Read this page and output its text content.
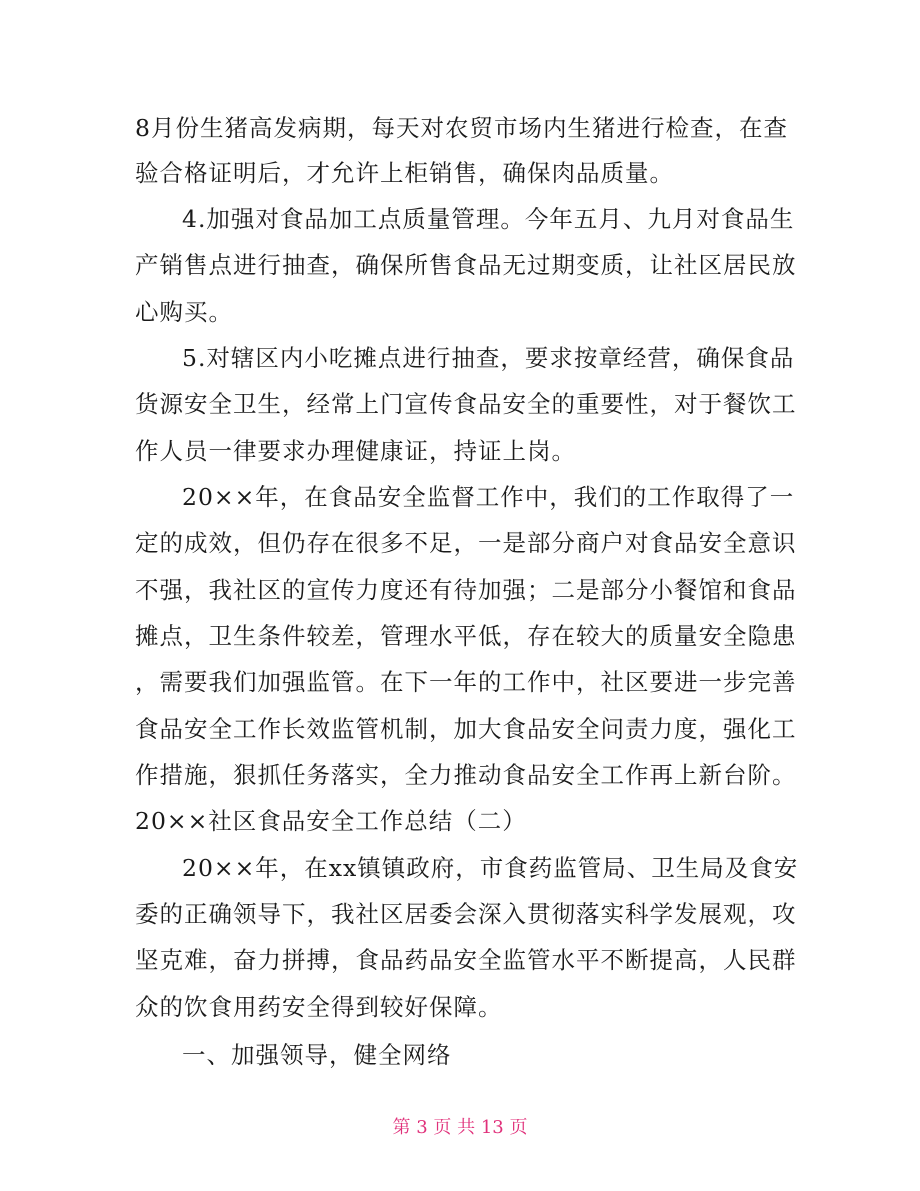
8月份生猪高发病期，每天对农贸市场内生猪进行检查，在查
验合格证明后，才允许上柜销售，确保肉品质量。
4.加强对食品加工点质量管理。今年五月、九月对食品生
产销售点进行抽查，确保所售食品无过期变质，让社区居民放
心购买。
5.对辖区内小吃摊点进行抽查，要求按章经营，确保食品
货源安全卫生，经常上门宣传食品安全的重要性，对于餐饮工
作人员一律要求办理健康证，持证上岗。
20××年，在食品安全监督工作中，我们的工作取得了一
定的成效，但仍存在很多不足，一是部分商户对食品安全意识
不强，我社区的宣传力度还有待加强；二是部分小餐馆和食品
摊点，卫生条件较差，管理水平低，存在较大的质量安全隐患
，需要我们加强监管。在下一年的工作中，社区要进一步完善
食品安全工作长效监管机制，加大食品安全问责力度，强化工
作措施，狠抓任务落实，全力推动食品安全工作再上新台阶。
20××社区食品安全工作总结（二）
20××年，在xx镇镇政府，市食药监管局、卫生局及食安
委的正确领导下，我社区居委会深入贯彻落实科学发展观，攻
坚克难，奋力拼搏，食品药品安全监管水平不断提高，人民群
众的饮食用药安全得到较好保障。
一、加强领导，健全网络
第 3 页 共 13 页
